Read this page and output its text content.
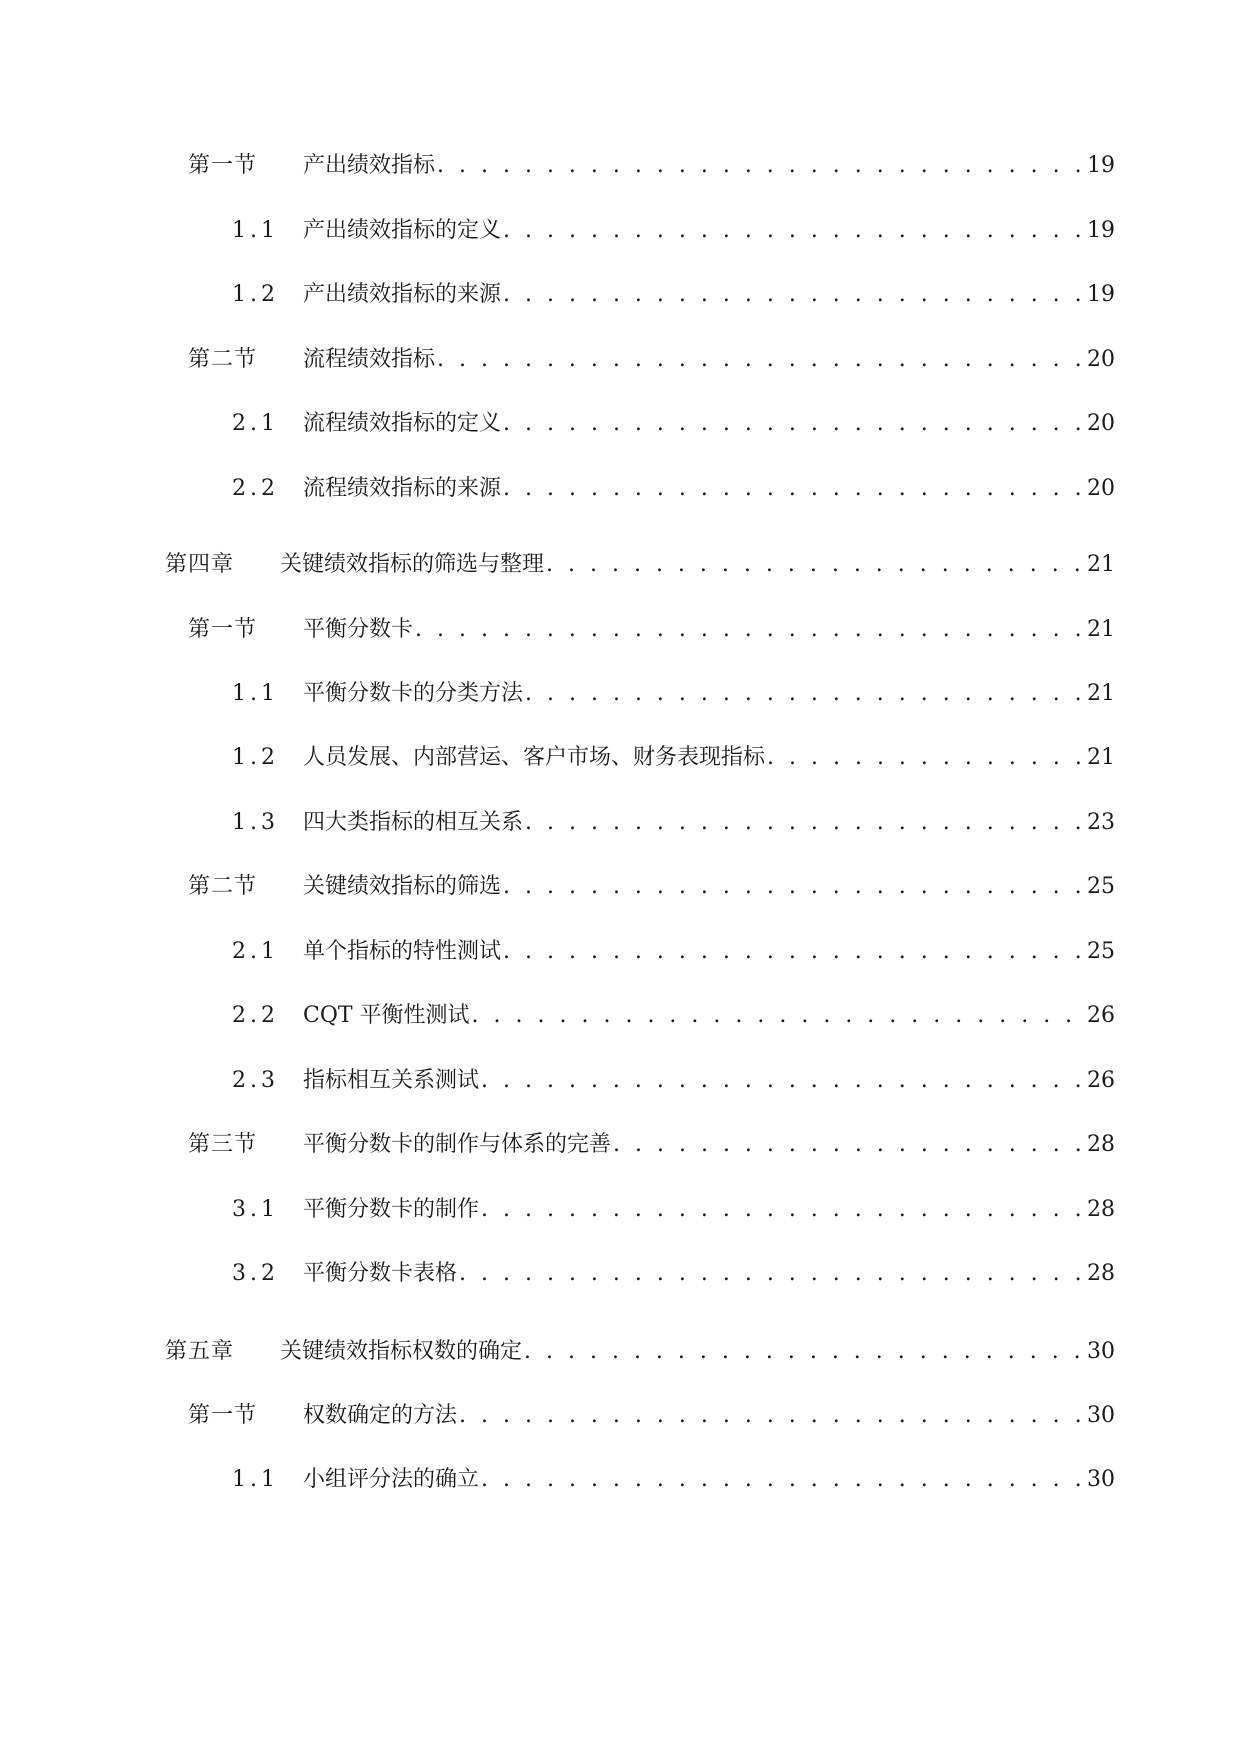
第一节	产出绩效指标 . . .	19
1.1	产出绩效指标的定义 . . .	19
1.2	产出绩效指标的来源 . . .	19
第二节	流程绩效指标 . . .	20
2.1	流程绩效指标的定义 . . .	20
2.2	流程绩效指标的来源 . . .	20
第四章	关键绩效指标的筛选与整理 . . .	21
第一节	平衡分数卡 . . .	21
1.1	平衡分数卡的分类方法 . . .	21
1.2	人员发展、内部营运、客户市场、财务表现指标 . . .	21
1.3	四大类指标的相互关系 . . .	23
第二节	关键绩效指标的筛选 . . .	25
2.1	单个指标的特性测试 . . .	25
2.2	CQT 平衡性测试 . . .	26
2.3	指标相互关系测试 . . .	26
第三节	平衡分数卡的制作与体系的完善 . . .	28
3.1	平衡分数卡的制作 . . .	28
3.2	平衡分数卡表格 . . .	28
第五章	关键绩效指标权数的确定 . . .	30
第一节	权数确定的方法 . . .	30
1.1	小组评分法的确立 . . .	30
